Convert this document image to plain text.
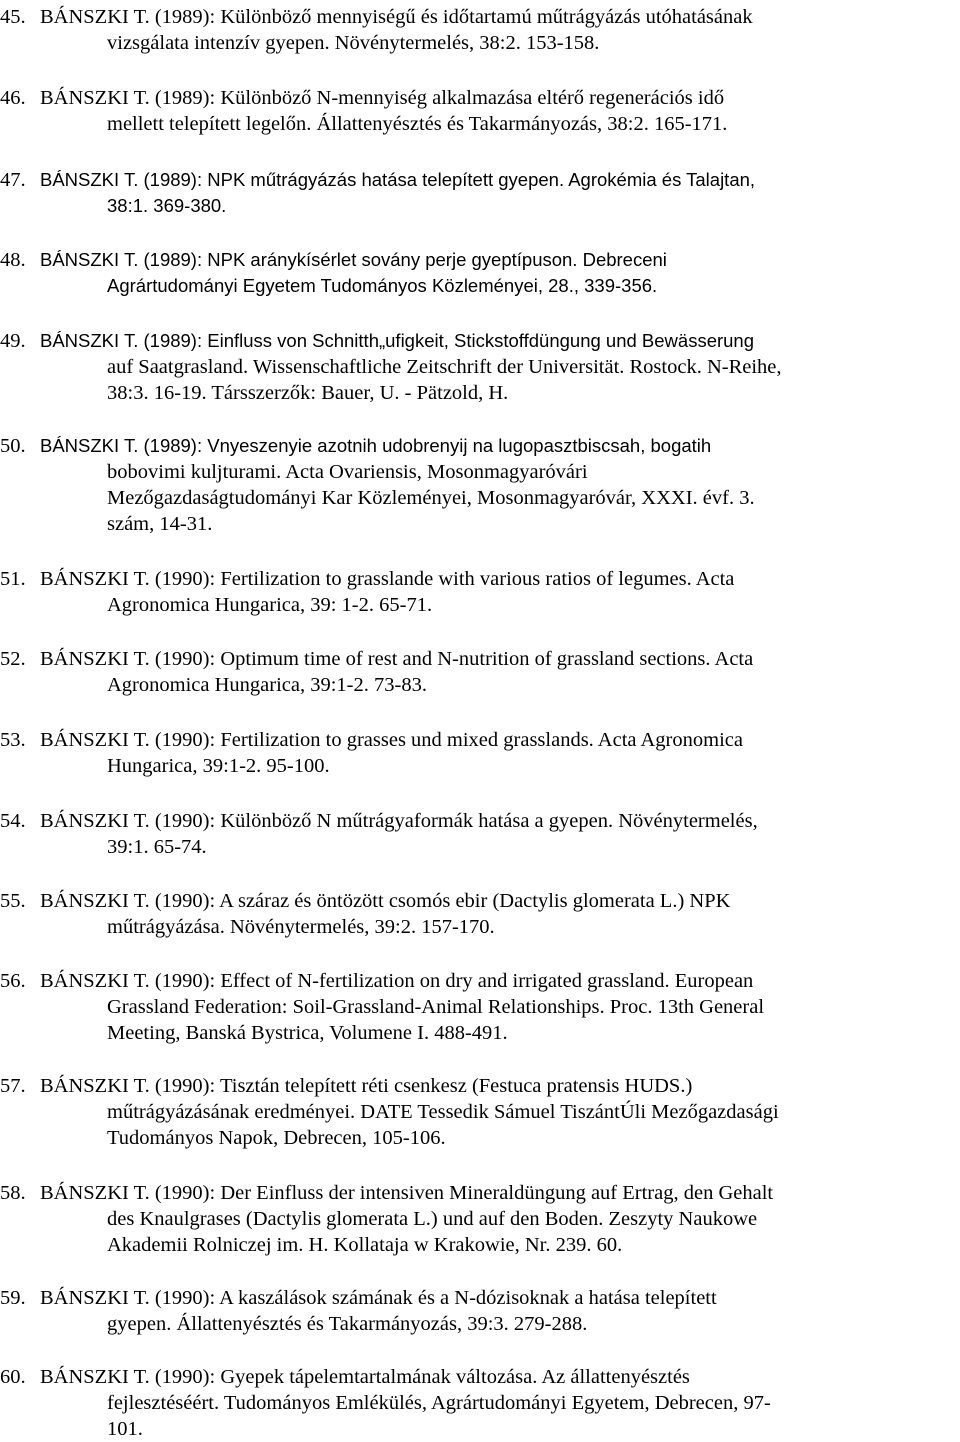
45. BÁNSZKI T. (1989): Különböző mennyiségű és időtartamú műtrágyázás utóhatásának
vizsgálata intenzív gyepen. Növénytermelés, 38:2. 153-158.
46. BÁNSZKI T. (1989): Különböző N-mennyiség alkalmazása eltérő regenerációs idő
mellett telepített legelőn. Állattenyésztés és Takarmányozás, 38:2. 165-171.
47. BÁNSZKI T. (1989): NPK műtrágyázás hatása telepített gyepen. Agrokémia és Talajtan,
38:1. 369-380.
48. BÁNSZKI T. (1989): NPK aránykísérlet sovány perje gyeptípuson. Debreceni
Agrártudományi Egyetem Tudományos Közleményei, 28., 339-356.
49. BÁNSZKI T. (1989): Einfluss von Schnitth„ufigkeit, Stickstoffdüngung und Bewässerung
auf Saatgrasland. Wissenschaftliche Zeitschrift der Universität. Rostock. N-Reihe,
38:3. 16-19. Társszerzők: Bauer, U. - Pätzold, H.
50. BÁNSZKI T. (1989): Vnyeszenyie azotnih udobrenyij na lugopasztbiscsah, bogatih
bobovimi kuljturami. Acta Ovariensis, Mosonmagyaróvári
Mezőgazdaságtudományi Kar Közleményei, Mosonmagyaróvár, XXXI. évf. 3.
szám, 14-31.
51. BÁNSZKI T. (1990): Fertilization to grasslande with various ratios of legumes. Acta
Agronomica Hungarica, 39: 1-2. 65-71.
52. BÁNSZKI T. (1990): Optimum time of rest and N-nutrition of grassland sections. Acta
Agronomica Hungarica, 39:1-2. 73-83.
53. BÁNSZKI T. (1990): Fertilization to grasses und mixed grasslands. Acta Agronomica
Hungarica, 39:1-2. 95-100.
54. BÁNSZKI T. (1990): Különböző N műtrágyaformák hatása a gyepen. Növénytermelés,
39:1. 65-74.
55. BÁNSZKI T. (1990): A száraz és öntözött csomós ebir (Dactylis glomerata L.) NPK
műtrágyázása. Növénytermelés, 39:2. 157-170.
56. BÁNSZKI T. (1990): Effect of N-fertilization on dry and irrigated grassland. European
Grassland Federation: Soil-Grassland-Animal Relationships. Proc. 13th General
Meeting, Banská Bystrica, Volumene I. 488-491.
57. BÁNSZKI T. (1990): Tisztán telepített réti csenkesz (Festuca pratensis HUDS.)
műtrágyázásának eredményei. DATE Tessedik Sámuel TiszántÚli Mezőgazdasági
Tudományos Napok, Debrecen, 105-106.
58. BÁNSZKI T. (1990): Der Einfluss der intensiven Mineraldüngung auf Ertrag, den Gehalt
des Knaulgrases (Dactylis glomerata L.) und auf den Boden. Zeszyty Naukowe
Akademii Rolniczej im. H. Kollataja w Krakowie, Nr. 239. 60.
59. BÁNSZKI T. (1990): A kaszálások számának és a N-dózisoknak a hatása telepített
gyepen. Állattenyésztés és Takarmányozás, 39:3. 279-288.
60. BÁNSZKI T. (1990): Gyepek tápelemtartalmának változása. Az állattenyésztés
fejlesztéséért. Tudományos Emlékülés, Agrártudományi Egyetem, Debrecen, 97-
101.
